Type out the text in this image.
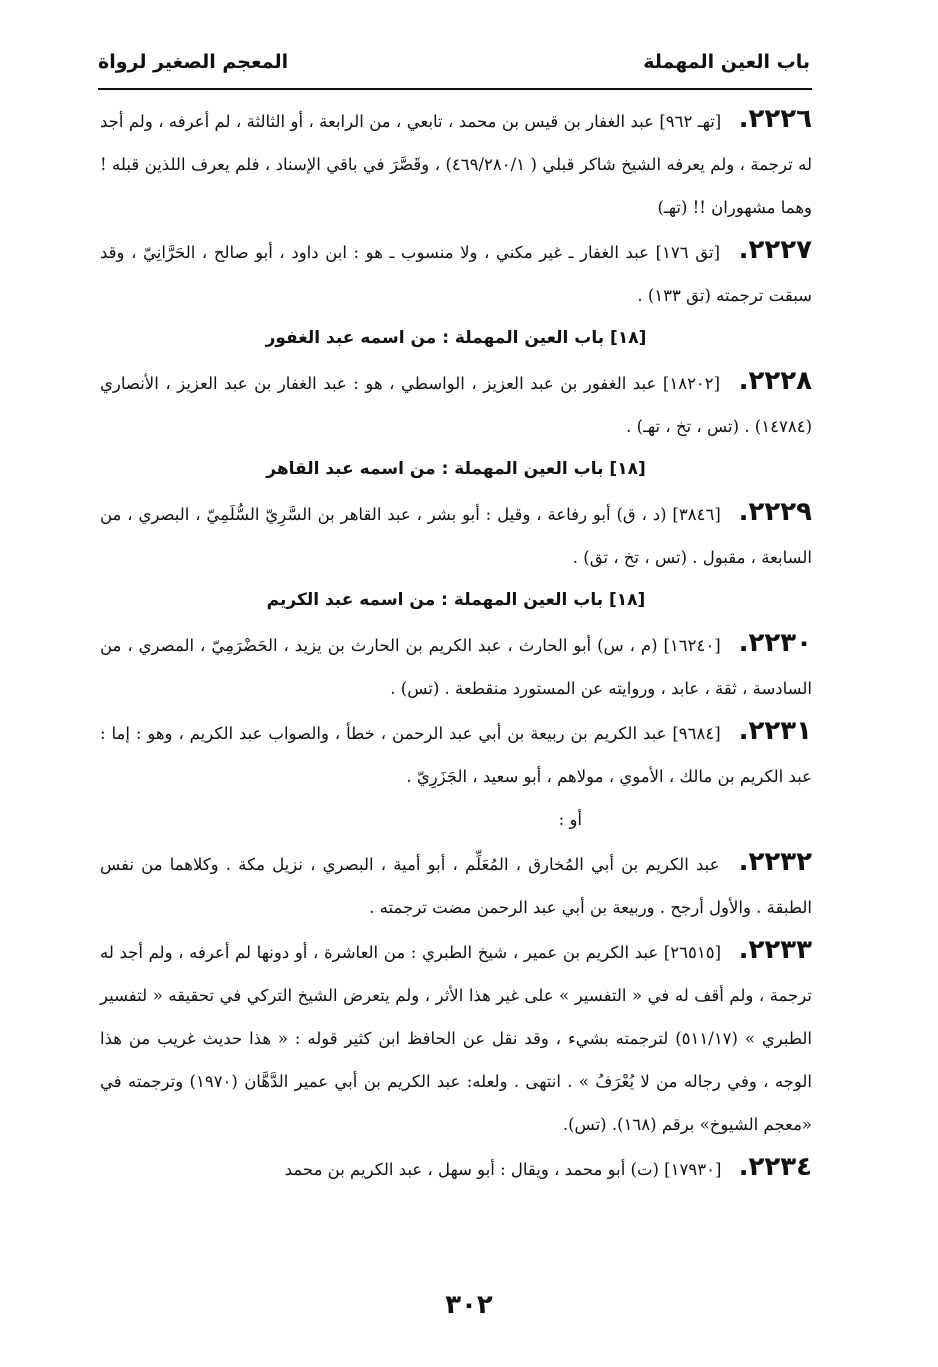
باب العين المهملة
المعجم الصغير لرواة

٢٢٢٦. [تهـ ٩٦٢] عبد الغفار بن قيس بن محمد ، تابعي ، من الرابعة ، أو الثالثة ، لم أعرفه ، ولم أجد له ترجمة ، ولم يعرفه الشيخ شاكر قبلي ( ٤٦٩/٢٨٠/١) ، وقَصَّرَ في باقي الإسناد ، فلم يعرف اللذين قبله ! وهما مشهوران !! (تهـ)

٢٢٢٧. [تق ١٧٦] عبد الغفار ـ غير مكني ، ولا منسوب ـ هو : ابن داود ، أبو صالح ، الحَرَّانِيّ ، وقد سبقت ترجمته (تق ١٣٣) .

[١٨] باب العين المهملة : من اسمه عبد الغفور

٢٢٢٨. [١٨٢٠٢] عبد الغفور بن عبد العزيز ، الواسطي ، هو : عبد الغفار بن عبد العزيز ، الأنصاري (١٤٧٨٤) . (تس ، تخ ، تهـ) .

[١٨] باب العين المهملة : من اسمه عبد القاهر

٢٢٢٩. [٣٨٤٦] (د ، ق) أبو رفاعة ، وقيل : أبو بشر ، عبد القاهر بن السَّرِيّ السُّلَمِيّ ، البصري ، من السابعة ، مقبول . (تس ، تخ ، تق) .

[١٨] باب العين المهملة : من اسمه عبد الكريم

٢٢٣٠. [١٦٢٤٠] (م ، س) أبو الحارث ، عبد الكريم بن الحارث بن يزيد ، الحَضْرَمِيّ ، المصري ، من السادسة ، ثقة ، عابد ، وروايته عن المستورد منقطعة . (تس) .

٢٢٣١. [٩٦٨٤] عبد الكريم بن ربيعة بن أبي عبد الرحمن ، خطأ ، والصواب عبد الكريم ، وهو : إما : عبد الكريم بن مالك ، الأموي ، مولاهم ، أبو سعيد ، الجَزَرِيّ .

أو :

٢٢٣٢. عبد الكريم بن أبي المُخارق ، المُعَلِّم ، أبو أمية ، البصري ، نزيل مكة . وكلاهما من نفس الطبقة . والأول أرجح . وربيعة بن أبي عبد الرحمن مضت ترجمته .

٢٢٣٣. [٢٦٥١٥] عبد الكريم بن عمير ، شيخ الطبري : من العاشرة ، أو دونها لم أعرفه ، ولم أجد له ترجمة ، ولم أقف له في « التفسير » على غير هذا الأثر ، ولم يتعرض الشيخ التركي في تحقيقه « لتفسير الطبري » (٥١١/١٧) لترجمته بشيء ، وقد نقل عن الحافظ ابن كثير قوله : « هذا حديث غريب من هذا الوجه ، وفي رجاله من لا يُعْرَفُ » . انتهى . ولعله: عبد الكريم بن أبي عمير الدَّهَّان (١٩٧٠) وترجمته في «معجم الشيوخ» برقم (١٦٨). (تس).

٢٢٣٤. [١٧٩٣٠] (ت) أبو محمد ، ويقال : أبو سهل ، عبد الكريم بن محمد

٣٠٢
